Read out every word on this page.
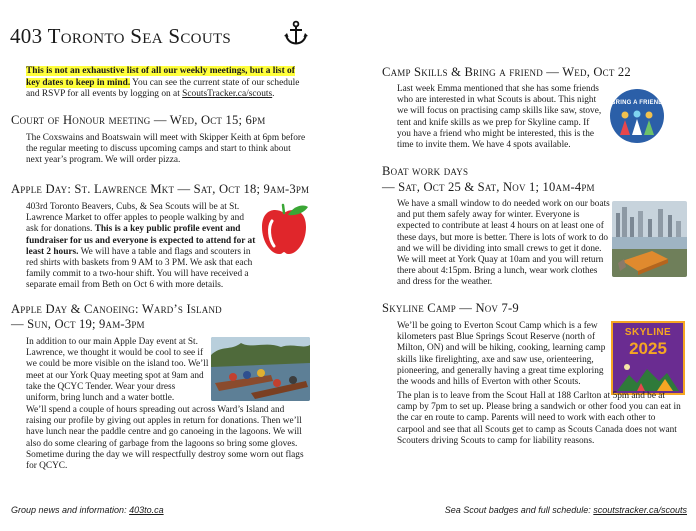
403 Toronto Sea Scouts

This is not an exhaustive list of all our weekly meetings, but a list of key dates to keep in mind. You can see the current state of our schedule and RSVP for all events by logging on at ScoutsTracker.ca/scouts.

Court of Honour meeting — Wed, Oct 15; 6pm

The Coxswains and Boatswain will meet with Skipper Keith at 6pm before the regular meeting to discuss upcoming camps and start to think about next year’s program. We will order pizza.

Apple Day: St. Lawrence Mkt — Sat, Oct 18; 9am-3pm

403rd Toronto Beavers, Cubs, & Sea Scouts will be at St. Lawrence Market to offer apples to people walking by and ask for donations. This is a key public profile event and fundraiser for us and everyone is expected to attend for at least 2 hours. We will have a table and flags and scouters in red shirts with baskets from 9 AM to 3 PM. We ask that each family commit to a two-hour shift. You will have received a separate email from Beth on Oct 6 with more details.

Apple Day & Canoeing: Ward’s Island
— Sun, Oct 19; 9am-3pm

In addition to our main Apple Day event at St. Lawrence, we thought it would be cool to see if we could be more visible on the island too. We’ll meet at our York Quay meeting spot at 9am and take the QCYC Tender. Wear your dress uniform, bring lunch and a water bottle.

We’ll spend a couple of hours spreading out across Ward’s Island and raising our profile by giving out apples in return for donations. Then we’ll have lunch near the paddle centre and go canoeing in the lagoons. We will also do some clearing of garbage from the lagoons so bring some gloves. Sometime during the day we will respectfully destroy some worn out flags for QCYC.

Camp Skills & Bring a friend — Wed, Oct 22

Last week Emma mentioned that she has some friends who are interested in what Scouts is about. This night we will focus on practising camp skills like saw, stove, tent and knife skills as we prep for Skyline camp. If you have a friend who might be interested, this is the time to invite them. We have 4 spots available.

BRING A FRIEND
Boat work days
— Sat, Oct 25 & Sat, Nov 1; 10am-4pm

We have a small window to do needed work on our boats and put them safely away for winter. Everyone is expected to contribute at least 4 hours on at least one of these days, but more is better. There is lots of work to do and we will be dividing into small crews to get it done. We will meet at York Quay at 10am and you will return there about 4:15pm. Bring a lunch, wear work clothes and dress for the weather.

Skyline Camp — Nov 7-9

We’ll be going to Everton Scout Camp which is a few kilometers past Blue Springs Scout Reserve (north of Milton, ON) and will be hiking, cooking, learning camp skills like firelighting, axe and saw use, orienteering, pioneering, and generally having a great time exploring the woods and hills of Everton with other Scouts.

SKYLINE
2025

The plan is to leave from the Scout Hall at 188 Carlton at 5pm and be at camp by 7pm to set up. Please bring a sandwich or other food you can eat in the car en route to camp. Parents will need to work with each other to carpool and see that all Scouts get to camp as Scouts Canada does not want Scouters driving Scouts to camp for liability reasons.

Group news and information: 403to.ca	Sea Scout badges and full schedule: scoutstracker.ca/scouts
